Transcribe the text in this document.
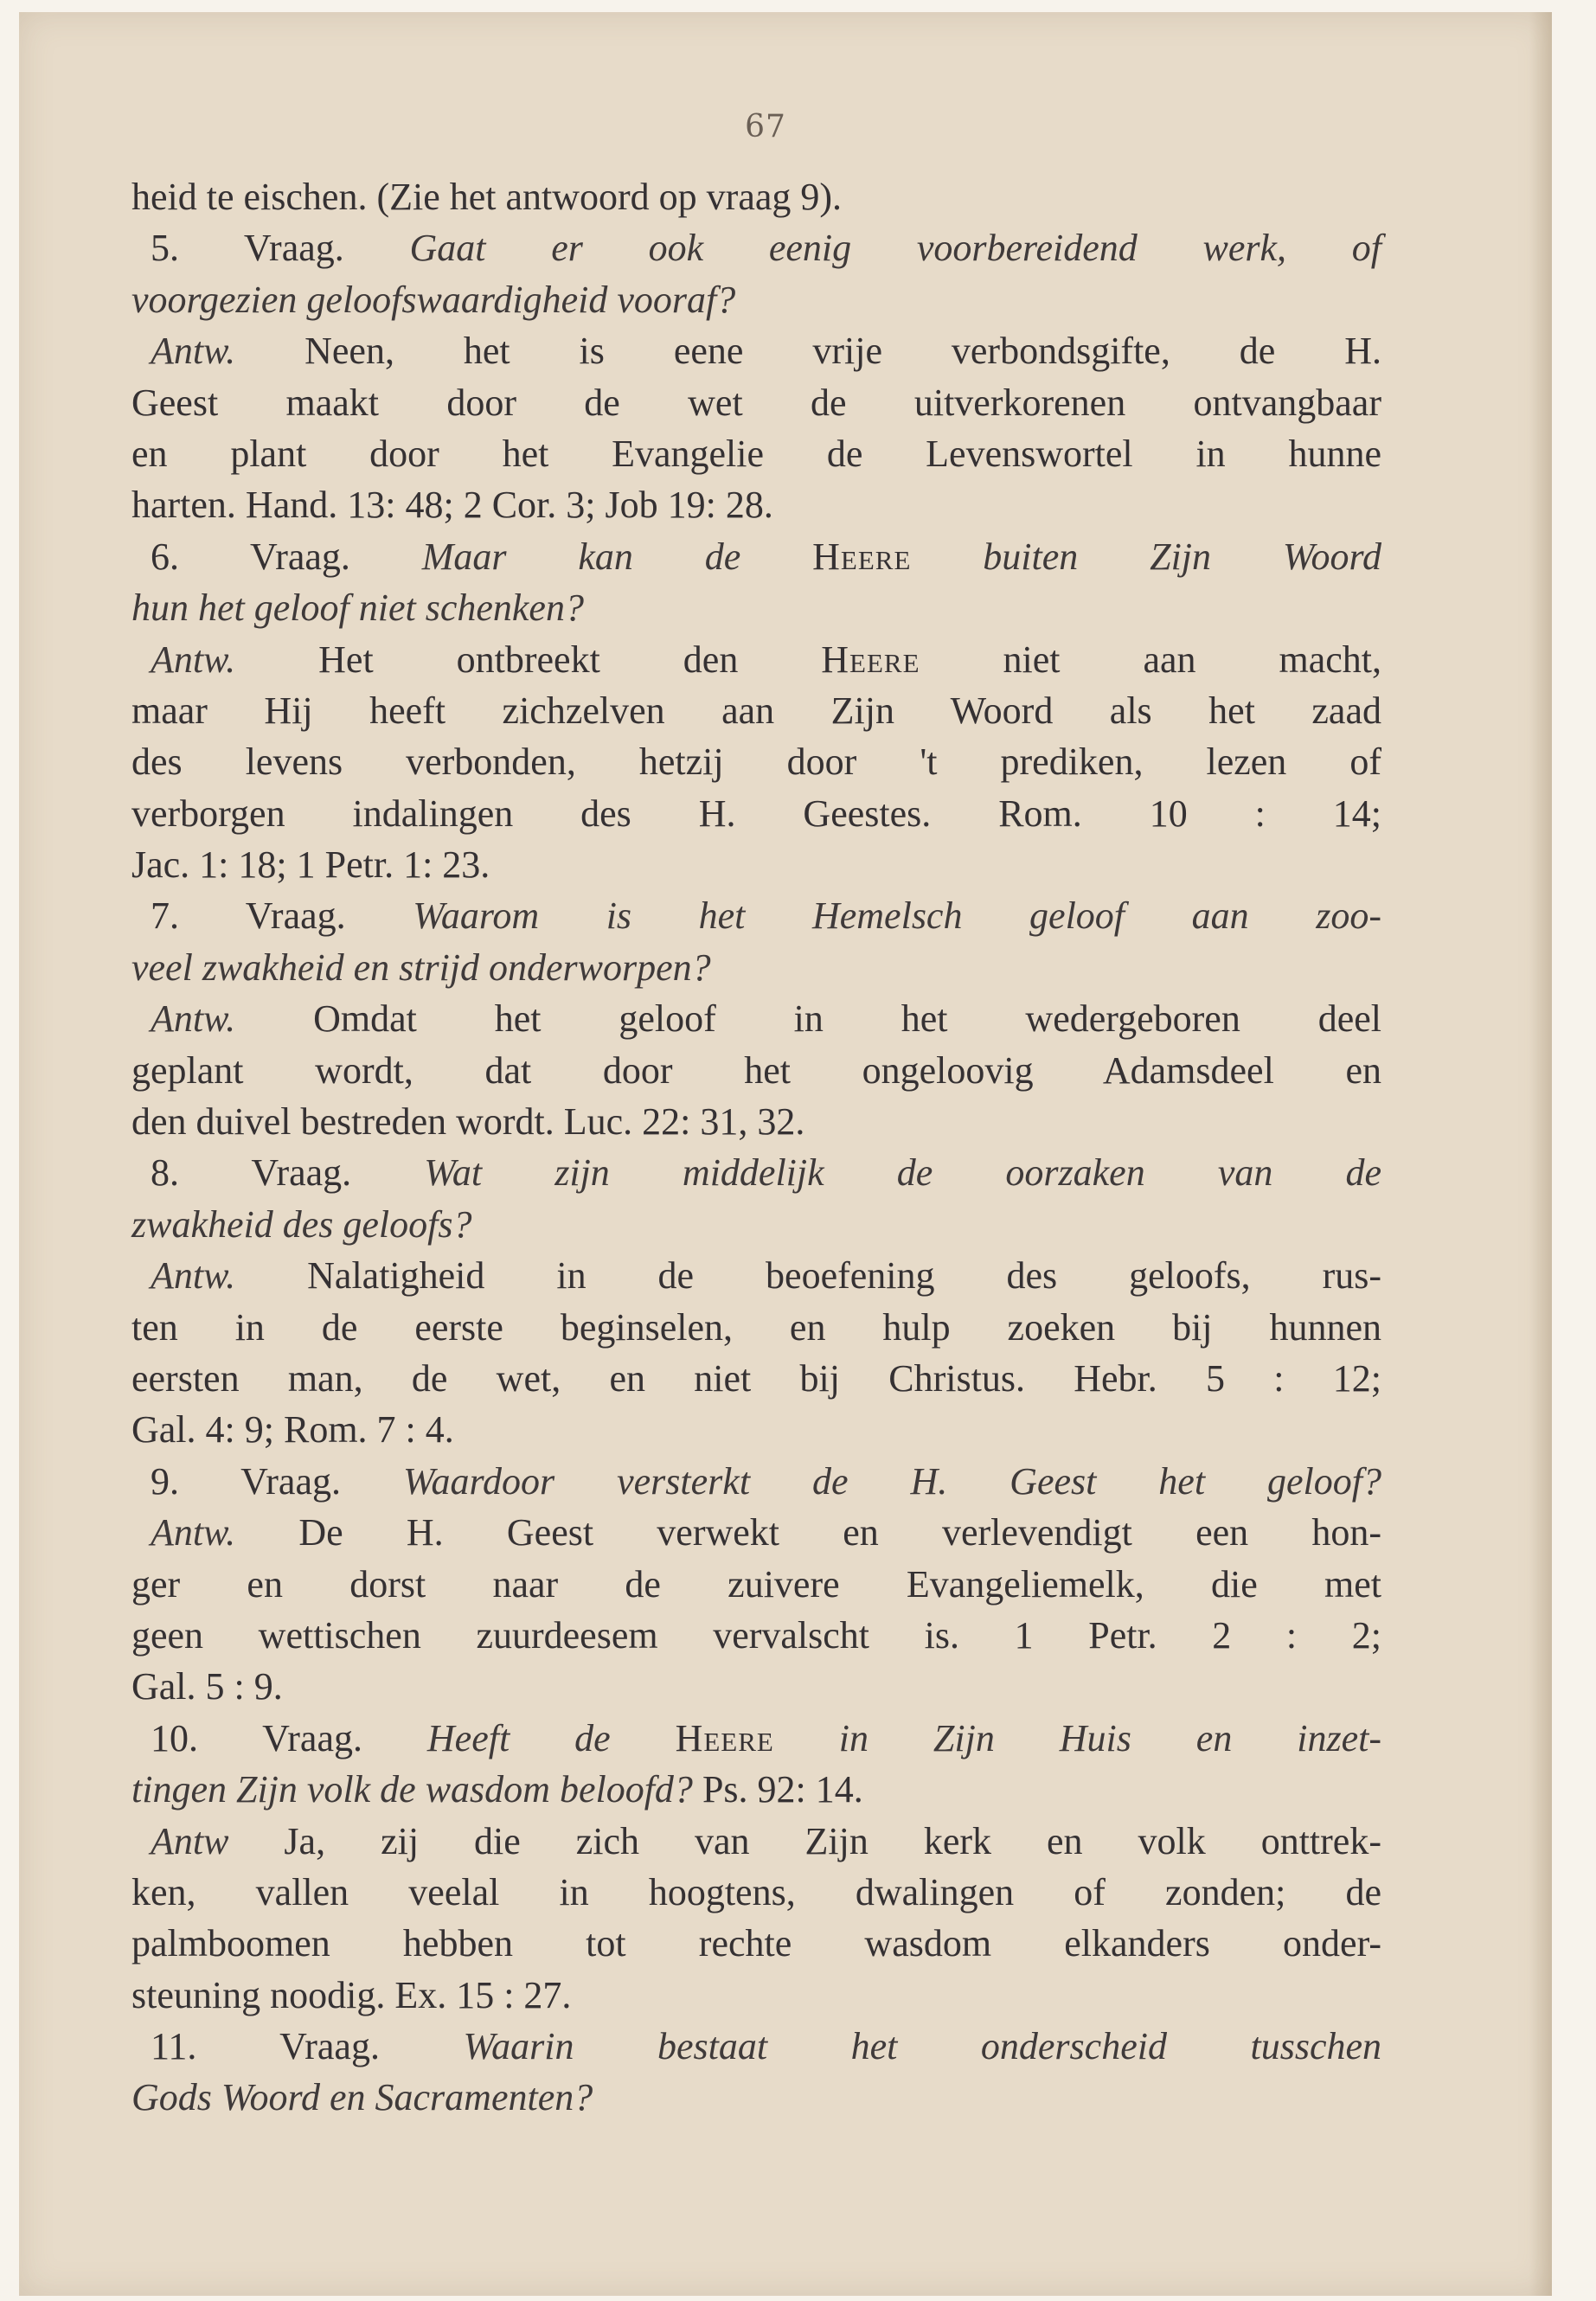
67
heid te eischen. (Zie het antwoord op vraag 9).
5. Vraag. Gaat er ook eenig voorbereidend werk, of
voorgezien geloofswaardigheid vooraf?
Antw. Neen, het is eene vrije verbondsgifte, de H.
Geest maakt door de wet de uitverkorenen ontvangbaar
en plant door het Evangelie de Levenswortel in hunne
harten. Hand. 13: 48; 2 Cor. 3; Job 19: 28.
6. Vraag. Maar kan de Heere buiten Zijn Woord
hun het geloof niet schenken?
Antw. Het ontbreekt den Heere niet aan macht,
maar Hij heeft zichzelven aan Zijn Woord als het zaad
des levens verbonden, hetzij door 't prediken, lezen of
verborgen indalingen des H. Geestes. Rom. 10 : 14;
Jac. 1: 18; 1 Petr. 1: 23.
7. Vraag. Waarom is het Hemelsch geloof aan zoo-
veel zwakheid en strijd onderworpen?
Antw. Omdat het geloof in het wedergeboren deel
geplant wordt, dat door het ongeloovig Adamsdeel en
den duivel bestreden wordt. Luc. 22: 31, 32.
8. Vraag. Wat zijn middelijk de oorzaken van de
zwakheid des geloofs?
Antw. Nalatigheid in de beoefening des geloofs, rus-
ten in de eerste beginselen, en hulp zoeken bij hunnen
eersten man, de wet, en niet bij Christus. Hebr. 5 : 12;
Gal. 4: 9; Rom. 7 : 4.
9. Vraag. Waardoor versterkt de H. Geest het geloof?
Antw. De H. Geest verwekt en verlevendigt een hon-
ger en dorst naar de zuivere Evangeliemelk, die met
geen wettischen zuurdeesem vervalscht is. 1 Petr. 2 : 2;
Gal. 5 : 9.
10. Vraag. Heeft de Heere in Zijn Huis en inzet-
tingen Zijn volk de wasdom beloofd? Ps. 92: 14.
Antw Ja, zij die zich van Zijn kerk en volk onttrek-
ken, vallen veelal in hoogtens, dwalingen of zonden; de
palmboomen hebben tot rechte wasdom elkanders onder-
steuning noodig. Ex. 15 : 27.
11. Vraag. Waarin bestaat het onderscheid tusschen
Gods Woord en Sacramenten?
